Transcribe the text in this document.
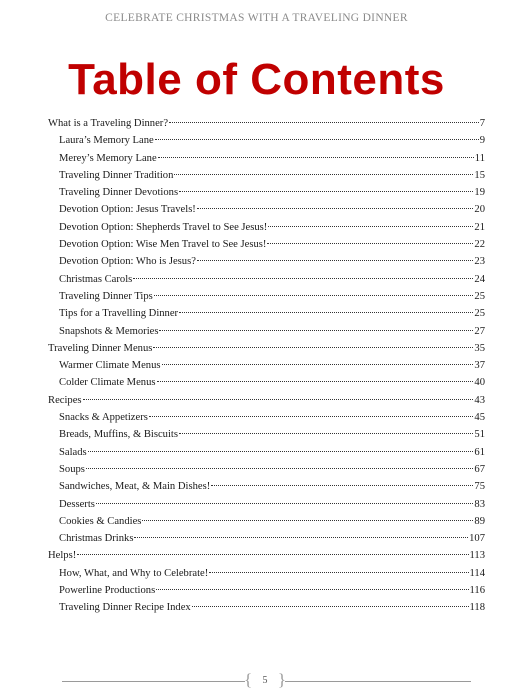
CELEBRATE CHRISTMAS WITH A TRAVELING DINNER
Table of Contents
What is a Traveling Dinner?	7
Laura’s Memory Lane	9
Merey’s Memory Lane	11
Traveling Dinner Tradition	15
Traveling Dinner Devotions	19
Devotion Option: Jesus Travels!	20
Devotion Option: Shepherds Travel to See Jesus!	21
Devotion Option: Wise Men Travel to See Jesus!	22
Devotion Option: Who is Jesus?	23
Christmas Carols	24
Traveling Dinner Tips	25
Tips for a Travelling Dinner	25
Snapshots & Memories	27
Traveling Dinner Menus	35
Warmer Climate Menus	37
Colder Climate Menus	40
Recipes	43
Snacks & Appetizers	45
Breads, Muffins, & Biscuits	51
Salads	61
Soups	67
Sandwiches, Meat, & Main Dishes!	75
Desserts	83
Cookies & Candies	89
Christmas Drinks	107
Helps!	113
How, What, and Why to Celebrate!	114
Powerline Productions	116
Traveling Dinner Recipe Index	118
{ 5 }
